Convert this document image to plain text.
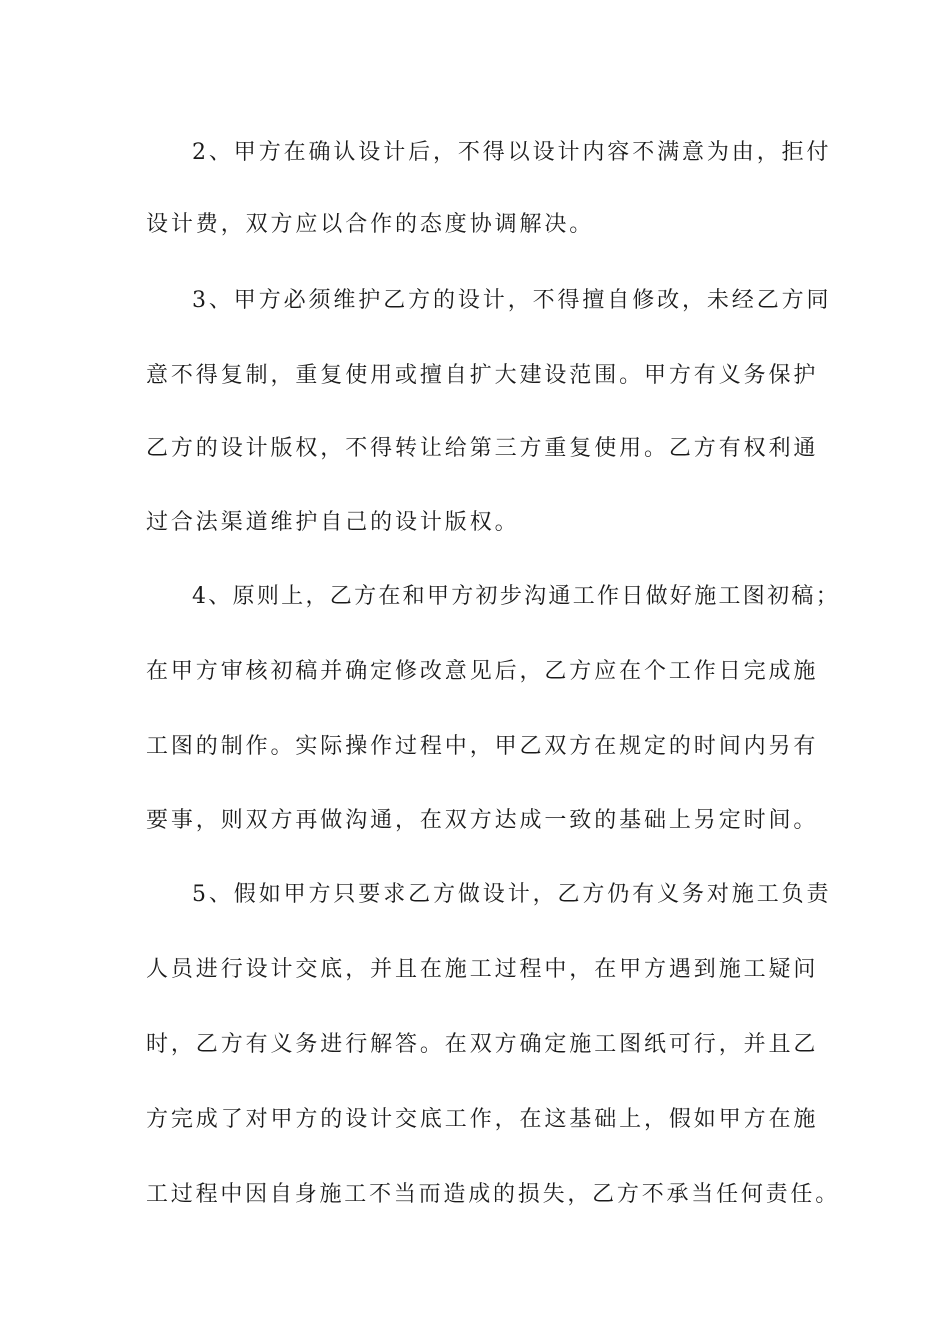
2、甲方在确认设计后，不得以设计内容不满意为由，拒付
设计费，双方应以合作的态度协调解决。
3、甲方必须维护乙方的设计，不得擅自修改，未经乙方同
意不得复制，重复使用或擅自扩大建设范围。甲方有义务保护
乙方的设计版权，不得转让给第三方重复使用。乙方有权利通
过合法渠道维护自己的设计版权。
4、原则上，乙方在和甲方初步沟通工作日做好施工图初稿；
在甲方审核初稿并确定修改意见后，乙方应在个工作日完成施
工图的制作。实际操作过程中，甲乙双方在规定的时间内另有
要事，则双方再做沟通，在双方达成一致的基础上另定时间。
5、假如甲方只要求乙方做设计，乙方仍有义务对施工负责
人员进行设计交底，并且在施工过程中，在甲方遇到施工疑问
时，乙方有义务进行解答。在双方确定施工图纸可行，并且乙
方完成了对甲方的设计交底工作，在这基础上，假如甲方在施
工过程中因自身施工不当而造成的损失，乙方不承当任何责任。
